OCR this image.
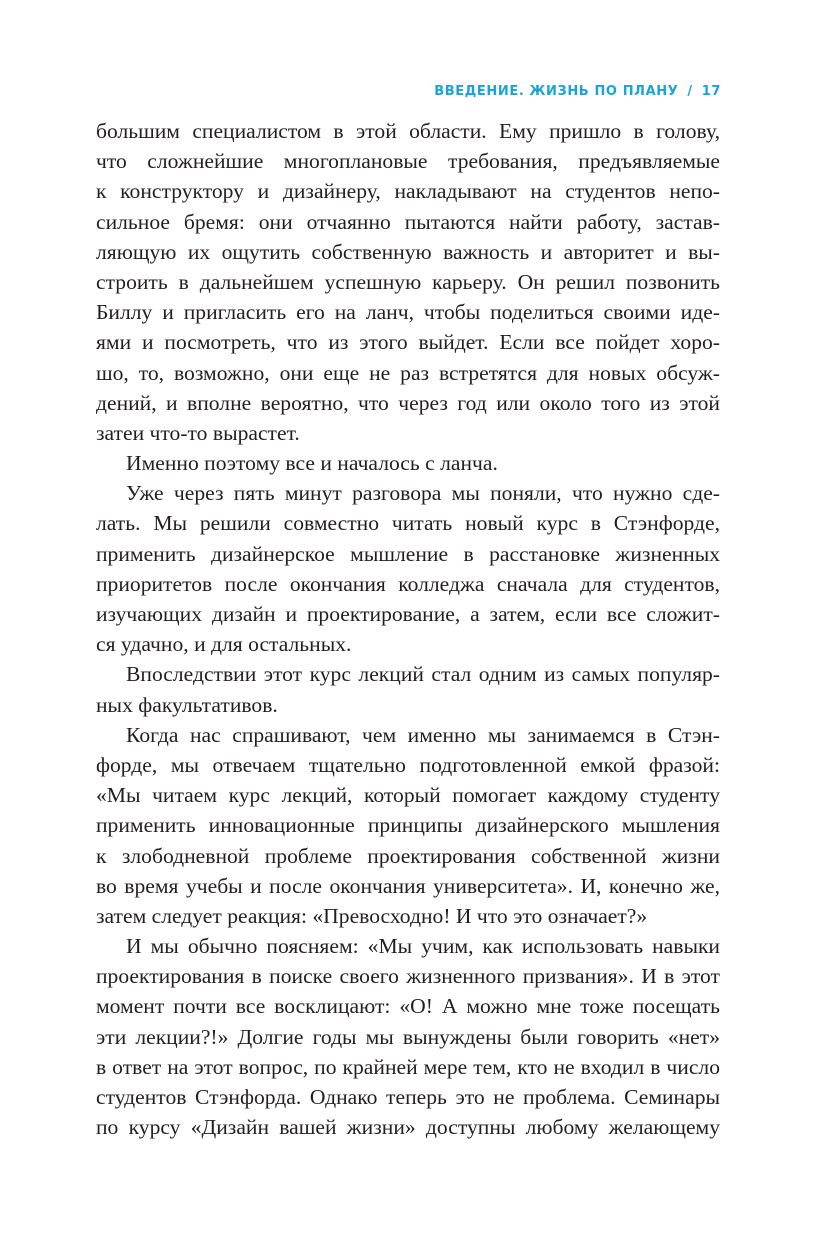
ВВЕДЕНИЕ. ЖИЗНЬ ПО ПЛАНУ / 17
большим специалистом в этой области. Ему пришло в голову,
что сложнейшие многоплановые требования, предъявляемые
к конструктору и дизайнеру, накладывают на студентов непо-
сильное бремя: они отчаянно пытаются найти работу, застав-
ляющую их ощутить собственную важность и авторитет и вы-
строить в дальнейшем успешную карьеру. Он решил позвонить
Биллу и пригласить его на ланч, чтобы поделиться своими иде-
ями и посмотреть, что из этого выйдет. Если все пойдет хоро-
шо, то, возможно, они еще не раз встретятся для новых обсуж-
дений, и вполне вероятно, что через год или около того из этой
затеи что-то вырастет.
Именно поэтому все и началось с ланча.
Уже через пять минут разговора мы поняли, что нужно сде-
лать. Мы решили совместно читать новый курс в Стэнфорде,
применить дизайнерское мышление в расстановке жизненных
приоритетов после окончания колледжа сначала для студентов,
изучающих дизайн и проектирование, а затем, если все сложит-
ся удачно, и для остальных.
Впоследствии этот курс лекций стал одним из самых популяр-
ных факультативов.
Когда нас спрашивают, чем именно мы занимаемся в Стэн-
форде, мы отвечаем тщательно подготовленной емкой фразой:
«Мы читаем курс лекций, который помогает каждому студенту
применить инновационные принципы дизайнерского мышления
к злободневной проблеме проектирования собственной жизни
во время учебы и после окончания университета». И, конечно же,
затем следует реакция: «Превосходно! И что это означает?»
И мы обычно поясняем: «Мы учим, как использовать навыки
проектирования в поиске своего жизненного призвания». И в этот
момент почти все восклицают: «О! А можно мне тоже посещать
эти лекции?!» Долгие годы мы вынуждены были говорить «нет»
в ответ на этот вопрос, по крайней мере тем, кто не входил в число
студентов Стэнфорда. Однако теперь это не проблема. Семинары
по курсу «Дизайн вашей жизни» доступны любому желающему
